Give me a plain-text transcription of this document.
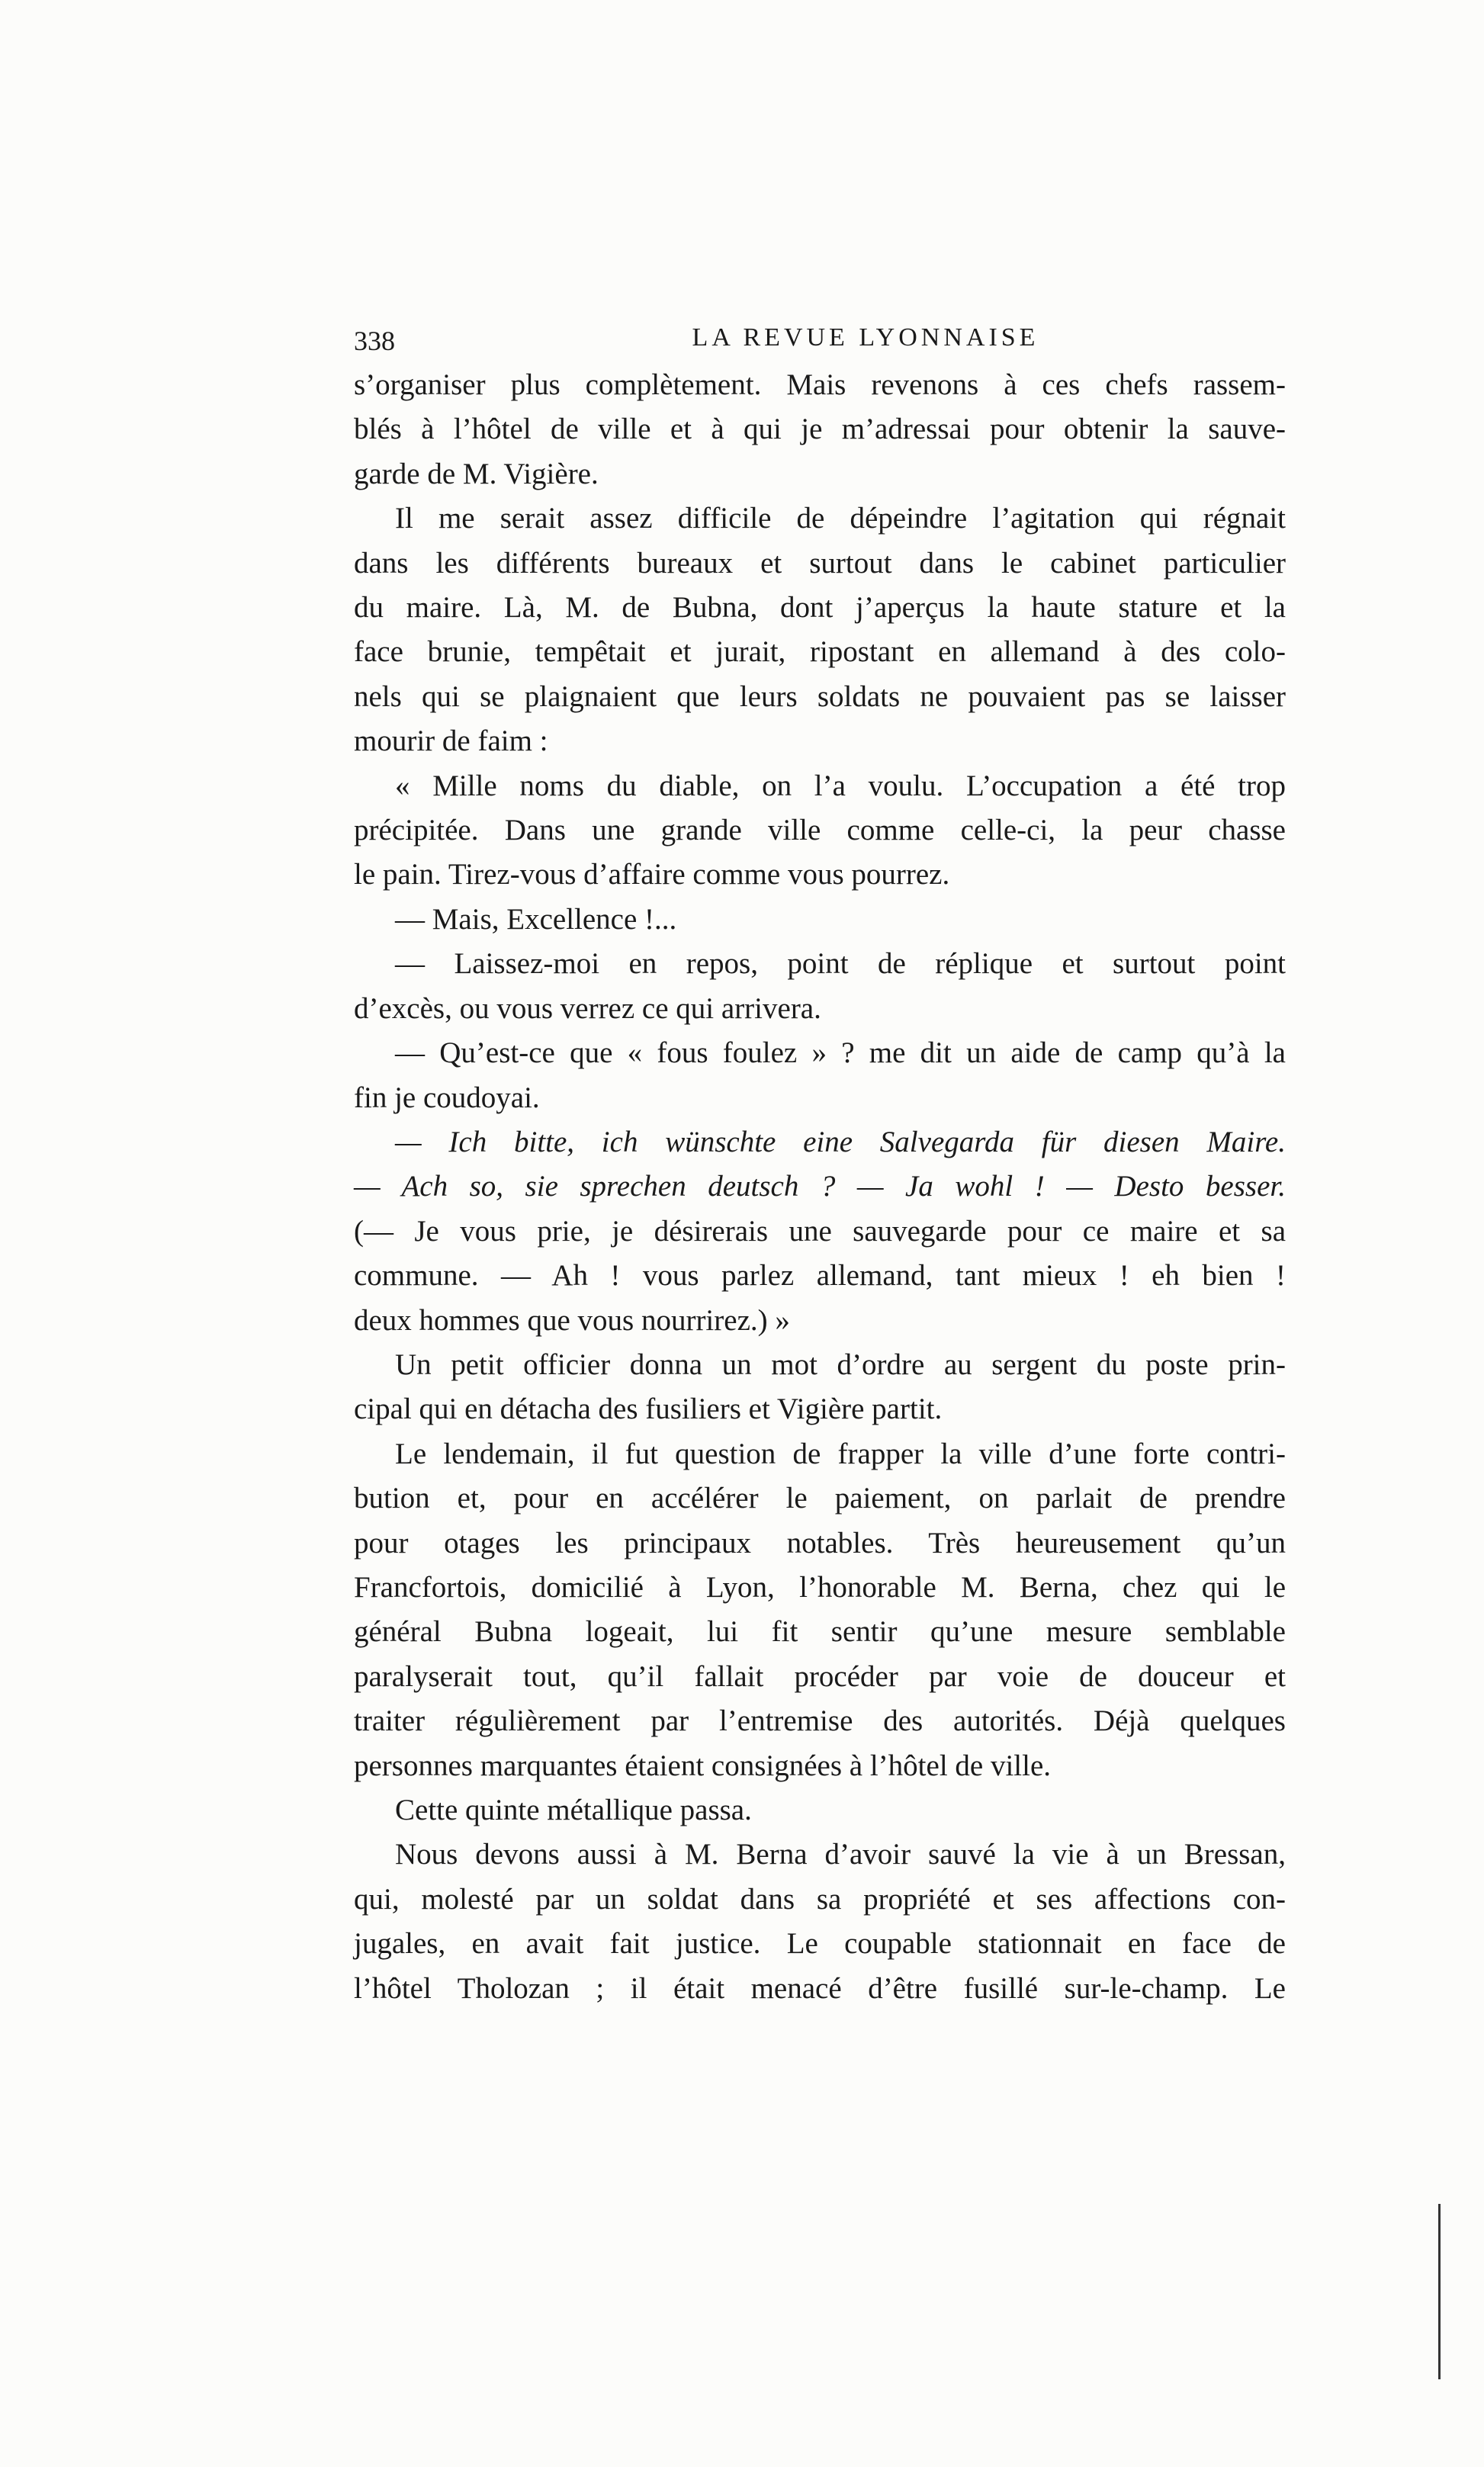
338	LA REVUE LYONNAISE

s’organiser plus complètement. Mais revenons à ces chefs rassem-
blés à l’hôtel de ville et à qui je m’adressai pour obtenir la sauve-
garde de M. Vigière.

Il me serait assez difficile de dépeindre l’agitation qui régnait
dans les différents bureaux et surtout dans le cabinet particulier
du maire. Là, M. de Bubna, dont j’aperçus la haute stature et la
face brunie, tempêtait et jurait, ripostant en allemand à des colo-
nels qui se plaignaient que leurs soldats ne pouvaient pas se laisser
mourir de faim :

« Mille noms du diable, on l’a voulu. L’occupation a été trop
précipitée. Dans une grande ville comme celle-ci, la peur chasse
le pain. Tirez-vous d’affaire comme vous pourrez.

— Mais, Excellence !...

— Laissez-moi en repos, point de réplique et surtout point
d’excès, ou vous verrez ce qui arrivera.

— Qu’est-ce que « fous foulez » ? me dit un aide de camp qu’à la
fin je coudoyai.

— Ich bitte, ich wünschte eine Salvegarda für diesen Maire.
— Ach so, sie sprechen deutsch ? — Ja wohl ! — Desto besser.

(— Je vous prie, je désirerais une sauvegarde pour ce maire et sa
commune. — Ah ! vous parlez allemand, tant mieux ! eh bien !
deux hommes que vous nourrirez.) »

Un petit officier donna un mot d’ordre au sergent du poste prin-
cipal qui en détacha des fusiliers et Vigière partit.

Le lendemain, il fut question de frapper la ville d’une forte contri-
bution et, pour en accélérer le paiement, on parlait de prendre
pour otages les principaux notables. Très heureusement qu’un
Francfortois, domicilié à Lyon, l’honorable M. Berna, chez qui le
général Bubna logeait, lui fit sentir qu’une mesure semblable
paralyserait tout, qu’il fallait procéder par voie de douceur et
traiter régulièrement par l’entremise des autorités. Déjà quelques
personnes marquantes étaient consignées à l’hôtel de ville.

Cette quinte métallique passa.

Nous devons aussi à M. Berna d’avoir sauvé la vie à un Bressan,
qui, molesté par un soldat dans sa propriété et ses affections con-
jugales, en avait fait justice. Le coupable stationnait en face de
l’hôtel Tholozan ; il était menacé d’être fusillé sur-le-champ. Le
